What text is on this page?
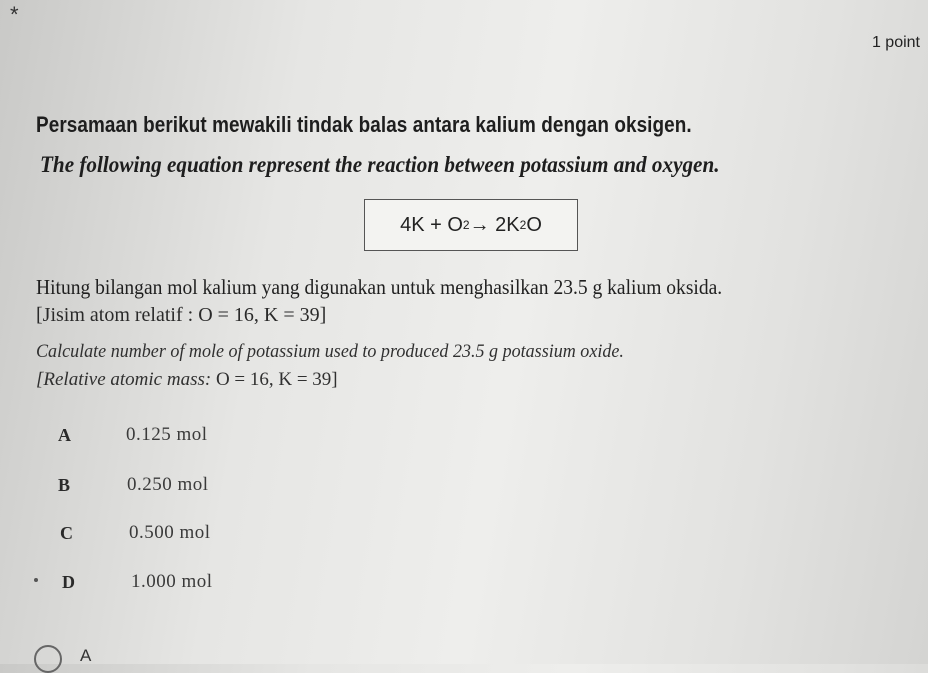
*
1 point
Persamaan berikut mewakili tindak balas antara kalium dengan oksigen.
The following equation represent the reaction between potassium and oxygen.
4K + O 2 → 2K 2 O
Hitung bilangan mol kalium yang digunakan untuk menghasilkan 23.5 g kalium oksida.
[Jisim atom relatif : O = 16, K = 39]
Calculate number of mole of potassium used to produced 23.5 g potassium oxide.
[Relative atomic mass: O = 16, K = 39]
A	0.125 mol
B	0.250 mol
C	0.500 mol
D	1.000 mol
A
